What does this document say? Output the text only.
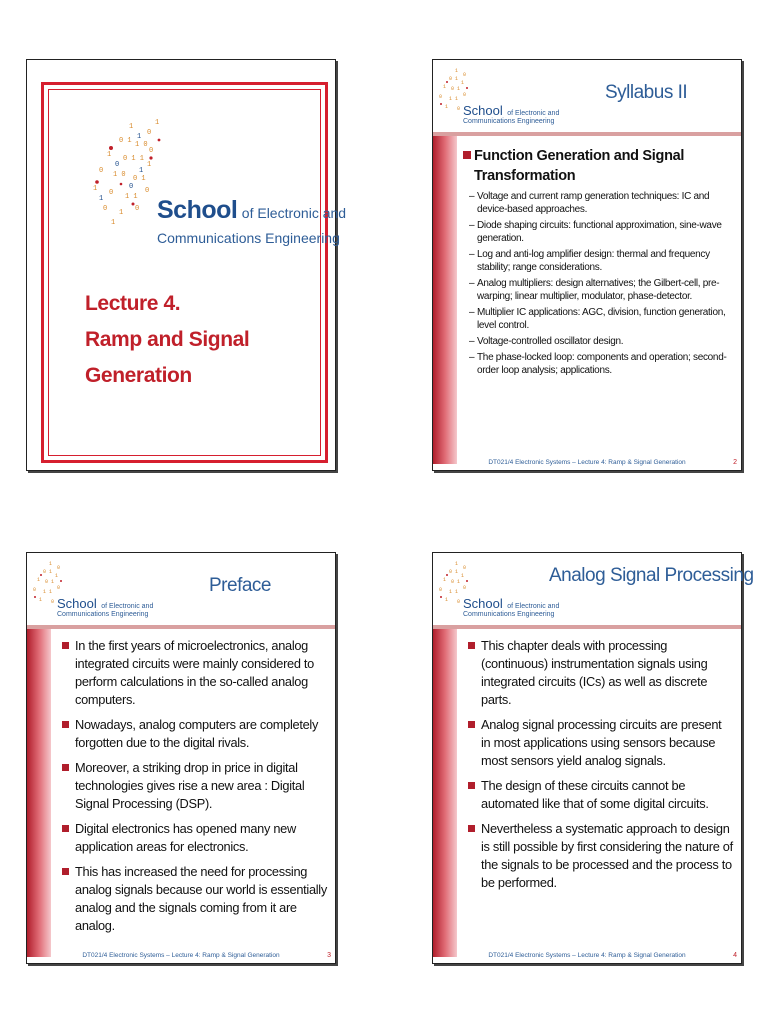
1
0
1
0 1 1 0
0
1 0 1 1
1
0 1 0 0 1
1 0 1 1
0
0 1 0
1
1
0
1
1
0
School of Electronic and
Communications Engineering
Lecture 4.
Ramp and Signal Generation
1
0
0 1
1
1 0 1
0 1 1
0
1 0 School of Electronic and
Communications Engineering
Syllabus II
Function Generation and Signal Transformation
– Voltage and current ramp generation techniques: IC and device-based approaches.
– Diode shaping circuits: functional approximation, sine-wave generation.
– Log and anti-log amplifier design: thermal and frequency stability; range considerations.
– Analog multipliers: design alternatives; the Gilbert-cell, pre-warping; linear multiplier, modulator, phase-detector.
– Multiplier IC applications: AGC, division, function generation, level control.
– Voltage-controlled oscillator design.
– The phase-locked loop: components and operation; second-order loop analysis; applications.
DT021/4 Electronic Systems – Lecture 4: Ramp & Signal Generation	2
1
0
0 1
1
1 0 1
0 1 1
0
1 0 School of Electronic and
Communications Engineering
Preface
In the first years of microelectronics, analog integrated circuits were mainly considered to perform calculations in the so-called analog computers.
Nowadays, analog computers are completely forgotten due to the digital rivals.
Moreover, a striking drop in price in digital technologies gives rise a new area : Digital Signal Processing (DSP).
Digital electronics has opened many new application areas for electronics.
This has increased the need for processing analog signals because our world is essentially analog and the signals coming from it are analog.
DT021/4 Electronic Systems – Lecture 4: Ramp & Signal Generation	3
1
0
0 1
1
1 0 1
0 1 1
0
1 0 School of Electronic and
Communications Engineering
Analog Signal Processing
This chapter deals with processing (continuous) instrumentation signals using integrated circuits (ICs) as well as discrete parts.
Analog signal processing circuits are present in most applications using sensors because most sensors yield analog signals.
The design of these circuits cannot be automated like that of some digital circuits.
Nevertheless a systematic approach to design is still possible by first considering the nature of the signals to be processed and the process to be performed.
DT021/4 Electronic Systems – Lecture 4: Ramp & Signal Generation	4
